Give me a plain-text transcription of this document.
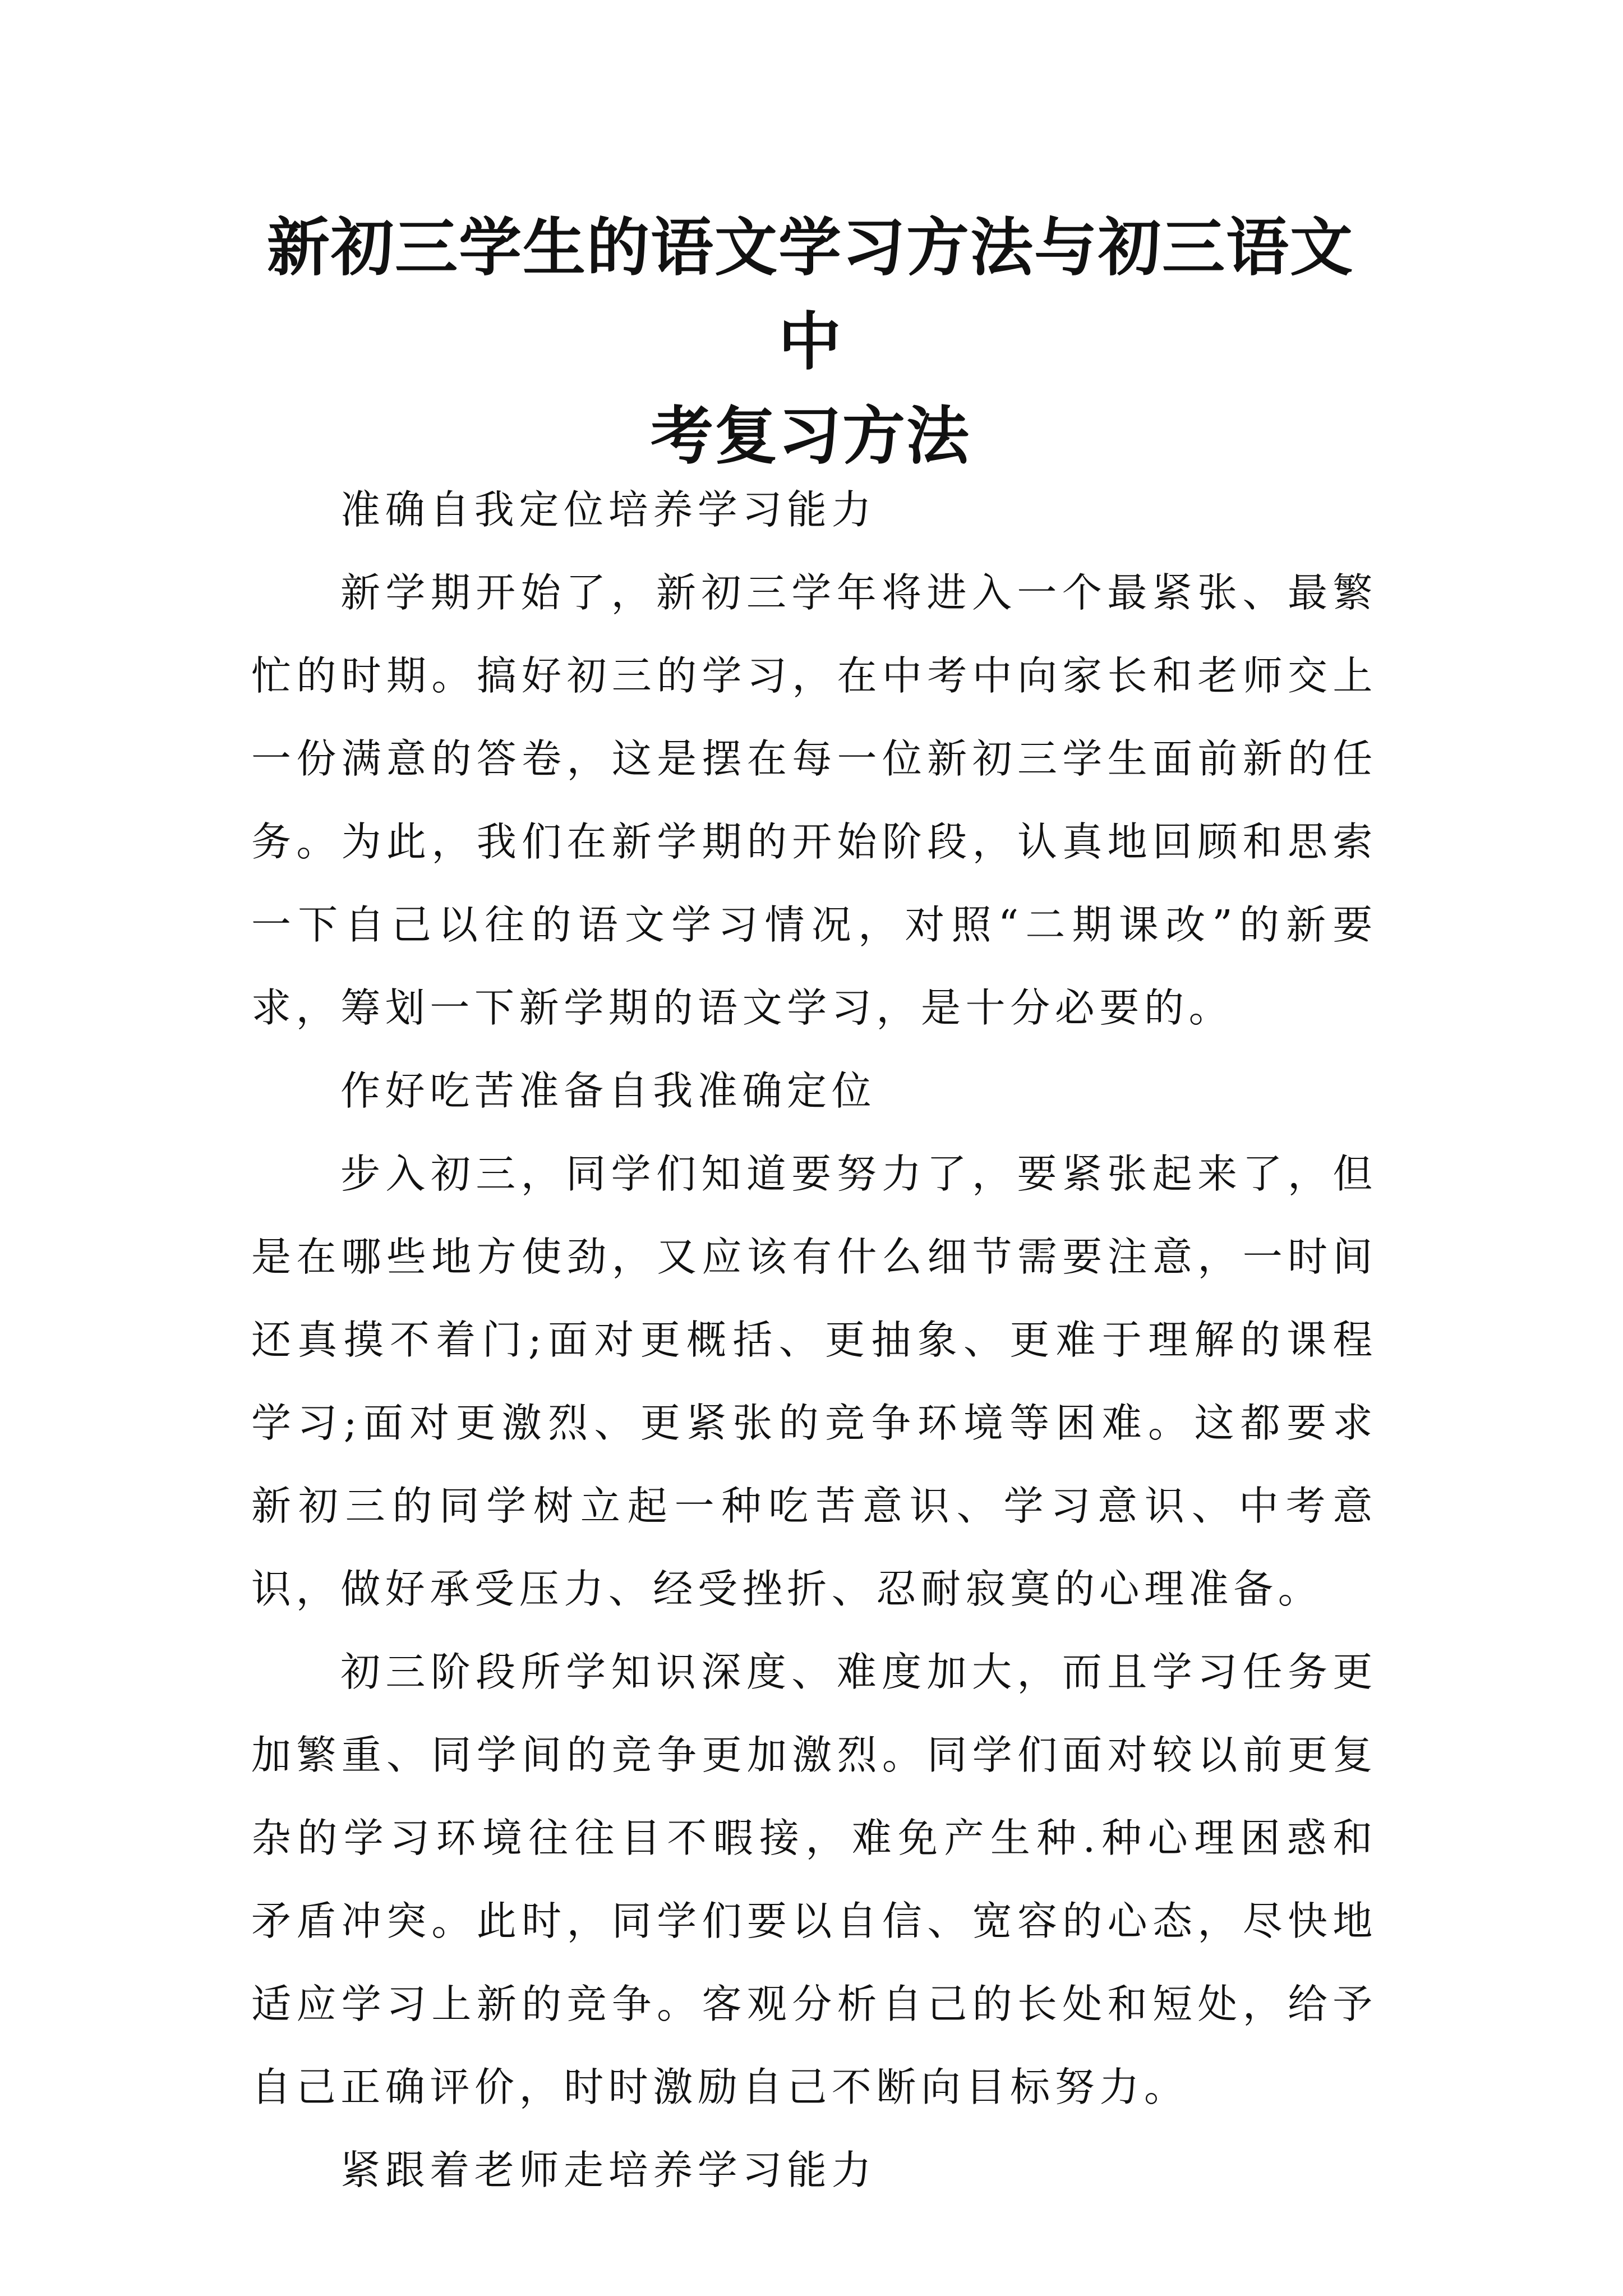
新初三学生的语文学习方法与初三语文中
考复习方法

准确自我定位培养学习能力

新学期开始了，新初三学年将进入一个最紧张、最繁忙的时期。搞好初三的学习，在中考中向家长和老师交上一份满意的答卷，这是摆在每一位新初三学生面前新的任务。为此，我们在新学期的开始阶段，认真地回顾和思索一下自己以往的语文学习情况，对照“二期课改”的新要求，筹划一下新学期的语文学习，是十分必要的。

作好吃苦准备自我准确定位

步入初三，同学们知道要努力了，要紧张起来了，但是在哪些地方使劲，又应该有什么细节需要注意，一时间还真摸不着门;面对更概括、更抽象、更难于理解的课程学习;面对更激烈、更紧张的竞争环境等困难。这都要求新初三的同学树立起一种吃苦意识、学习意识、中考意识，做好承受压力、经受挫折、忍耐寂寞的心理准备。

初三阶段所学知识深度、难度加大，而且学习任务更加繁重、同学间的竞争更加激烈。同学们面对较以前更复杂的学习环境往往目不暇接，难免产生种.种心理困惑和矛盾冲突。此时，同学们要以自信、宽容的心态，尽快地适应学习上新的竞争。客观分析自己的长处和短处，给予自己正确评价，时时激励自己不断向目标努力。

紧跟着老师走培养学习能力
